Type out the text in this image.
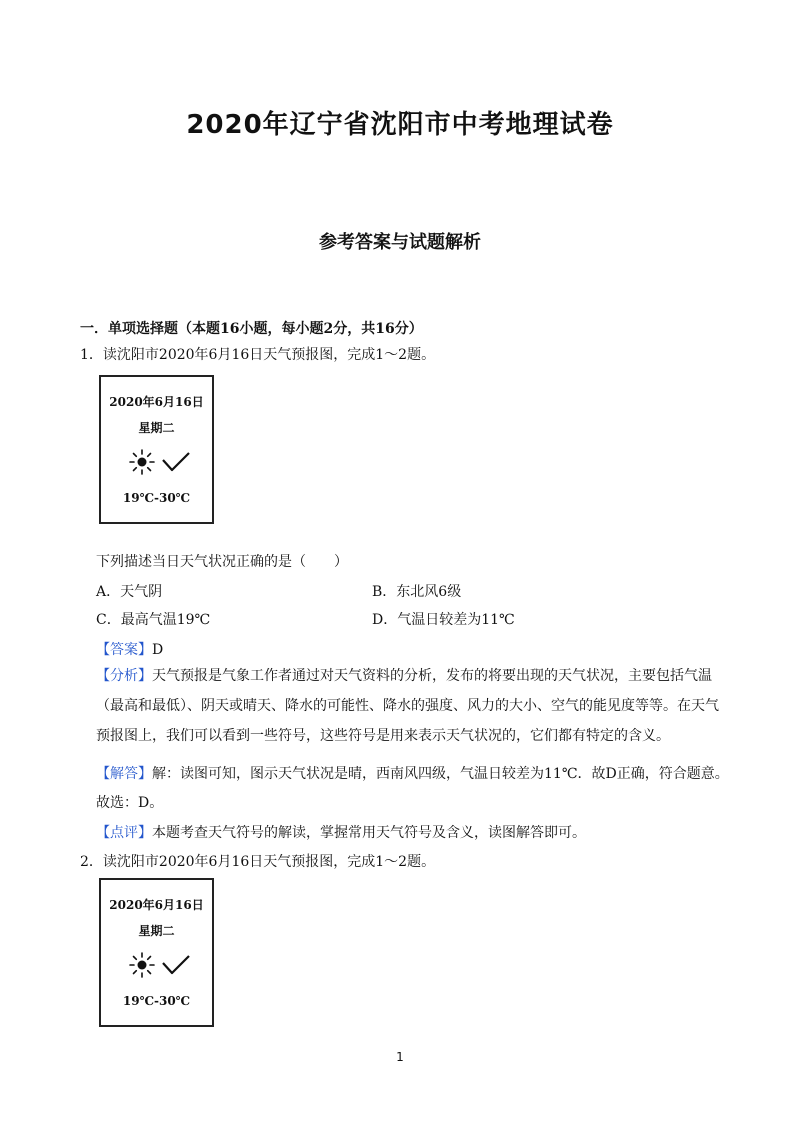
2020年辽宁省沈阳市中考地理试卷
参考答案与试题解析
一．单项选择题（本题16小题，每小题2分，共16分）
1．读沈阳市2020年6月16日天气预报图，完成1～2题。
2020年6月16日
星期二
19℃-30℃
下列描述当日天气状况正确的是（　　）
A．天气阴	B．东北风6级
C．最高气温19℃	D．气温日较差为11℃
【答案】D
【分析】天气预报是气象工作者通过对天气资料的分析，发布的将要出现的天气状况，主要包括气温（最高和最低）、阴天或晴天、降水的可能性、降水的强度、风力的大小、空气的能见度等等。在天气预报图上，我们可以看到一些符号，这些符号是用来表示天气状况的，它们都有特定的含义。
【解答】解：读图可知，图示天气状况是晴，西南风四级，气温日较差为11℃．故D正确，符合题意。
故选：D。
【点评】本题考查天气符号的解读，掌握常用天气符号及含义，读图解答即可。
2．读沈阳市2020年6月16日天气预报图，完成1～2题。
2020年6月16日
星期二
19℃-30℃
1
